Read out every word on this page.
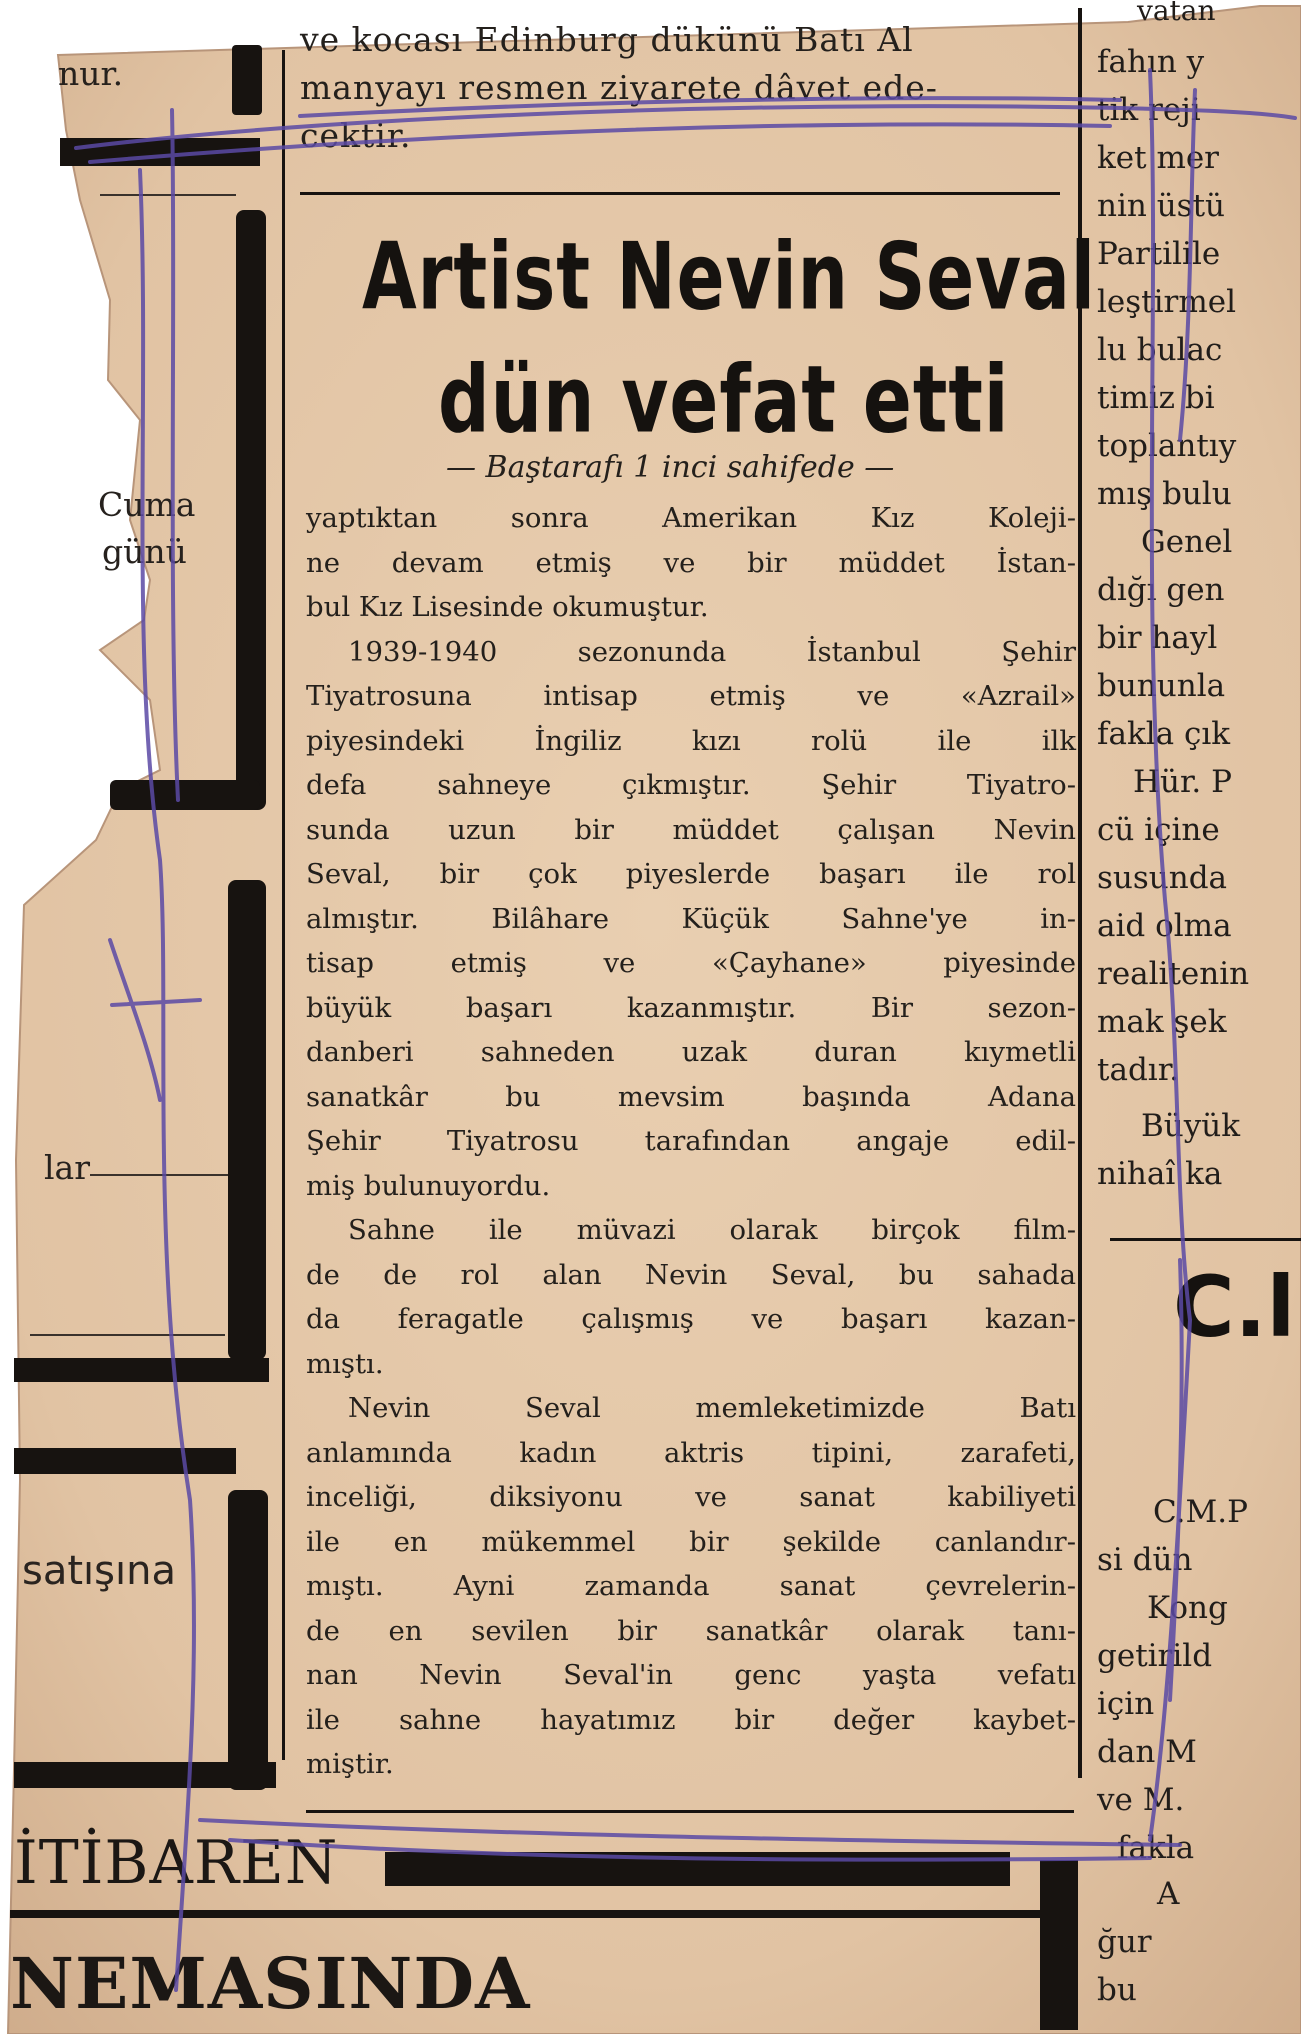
nur.
Cuma
günü
lar
satışına
ve kocası Edinburg dükünü Batı Al
manyayı resmen ziyarete dâvet ede-
cektir.
Artist Nevin Seval
dün vefat etti
— Baştarafı 1 inci sahifede —
yaptıktan sonra Amerikan Kız Koleji-
ne devam etmiş ve bir müddet İstan-
bul Kız Lisesinde okumuştur.
1939-1940 sezonunda İstanbul Şehir
Tiyatrosuna intisap etmiş ve «Azrail»
piyesindeki İngiliz kızı rolü ile ilk
defa sahneye çıkmıştır. Şehir Tiyatro-
sunda uzun bir müddet çalışan Nevin
Seval, bir çok piyeslerde başarı ile rol
almıştır. Bilâhare Küçük Sahne'ye in-
tisap etmiş ve «Çayhane» piyesinde
büyük başarı kazanmıştır. Bir sezon-
danberi sahneden uzak duran kıymetli
sanatkâr bu mevsim başında Adana
Şehir Tiyatrosu tarafından angaje edil-
miş bulunuyordu.
Sahne ile müvazi olarak birçok film-
de de rol alan Nevin Seval, bu sahada
da feragatle çalışmış ve başarı kazan-
mıştı.
Nevin Seval memleketimizde Batı
anlamında kadın aktris tipini, zarafeti,
inceliği, diksiyonu ve sanat kabiliyeti
ile en mükemmel bir şekilde canlandır-
mıştı. Ayni zamanda sanat çevrelerin-
de en sevilen bir sanatkâr olarak tanı-
nan Nevin Seval'in genc yaşta vefatı
ile sahne hayatımız bir değer kaybet-
miştir.
vatan
fahın y
tik reji
ket mer
nin üstü
Partilile
leştirmel
lu bulac
timiz bi
toplantıy
mış bulu
Genel
dığı gen
bir hayl
bununla
fakla çık
Hür. P
cü içine
susunda
aid olma
realitenin
mak şek
tadır.
Büyük
nihaî ka
C.l
C.M.P
si dün
Kong
getirild
için
dan M
ve M.
fakla
A
ğur
bu
İTİBAREN
NEMASINDA
